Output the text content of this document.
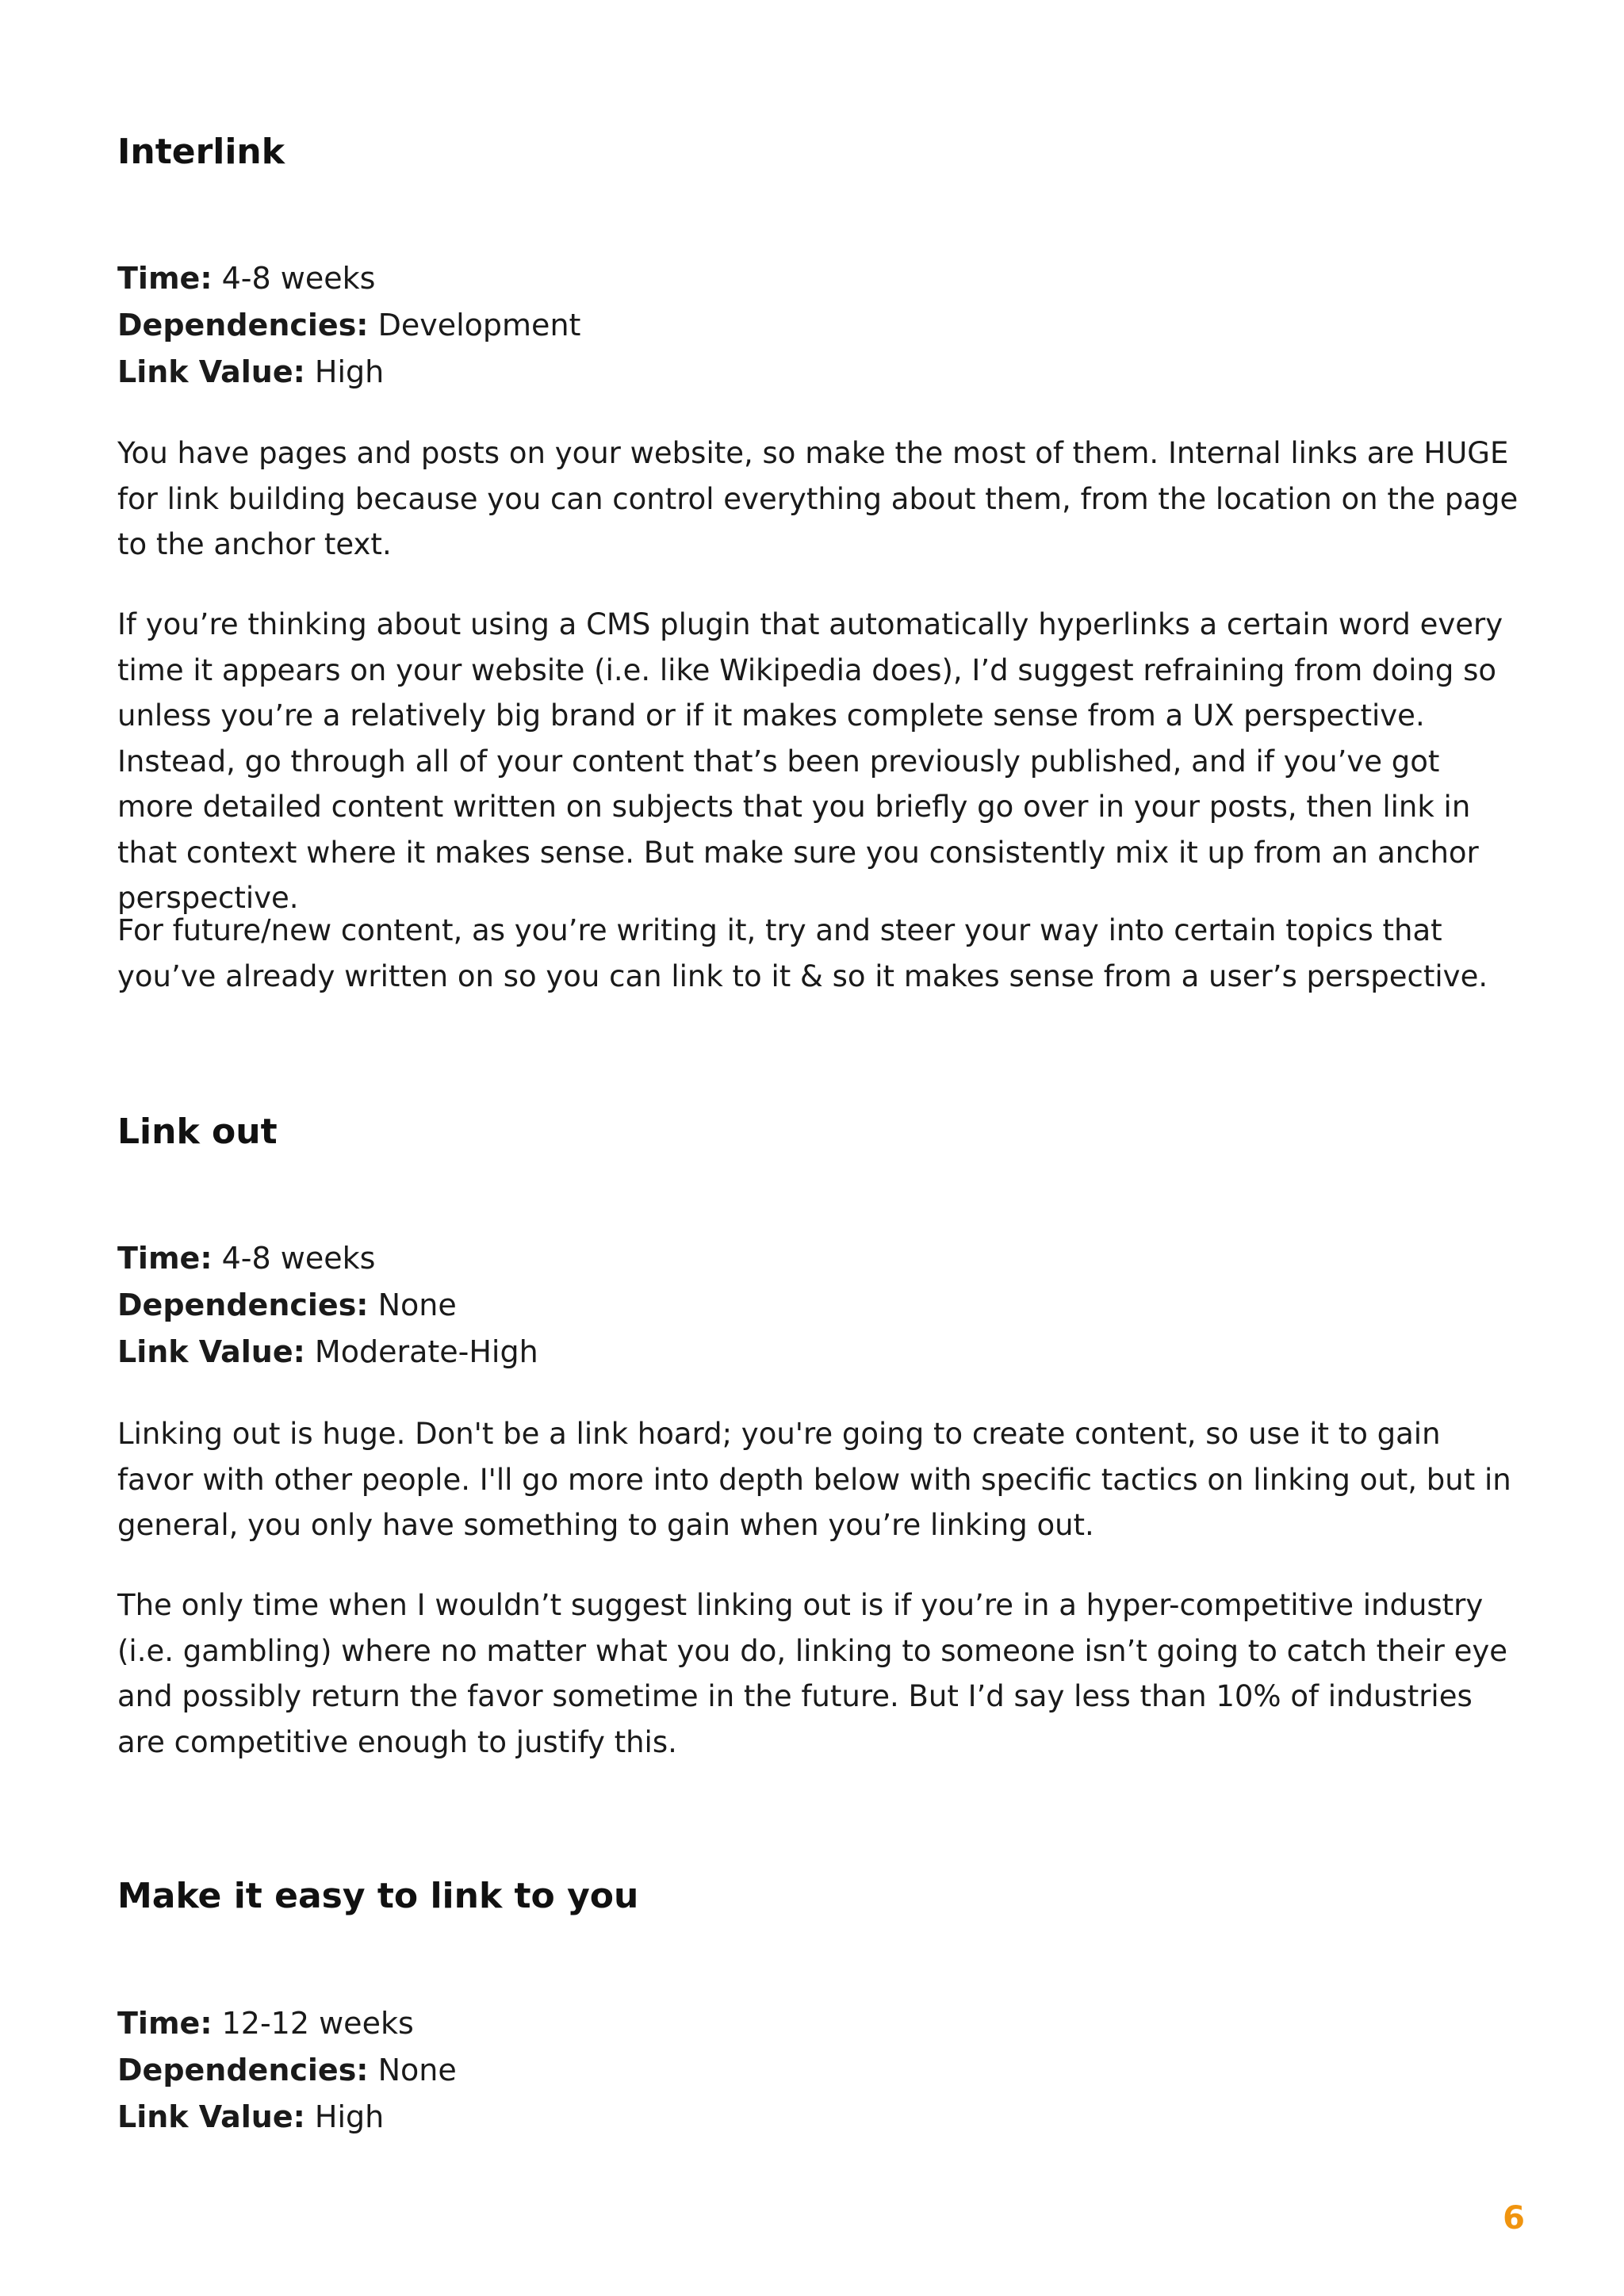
Interlink
Time: 4-8 weeks
Dependencies: Development
Link Value: High

You have pages and posts on your website, so make the most of them. Internal links are HUGE for link building because you can control everything about them, from the location on the page to the anchor text.

If you’re thinking about using a CMS plugin that automatically hyperlinks a certain word every time it appears on your website (i.e. like Wikipedia does), I’d suggest refraining from doing so unless you’re a relatively big brand or if it makes complete sense from a UX perspective. Instead, go through all of your content that’s been previously published, and if you’ve got more detailed content written on subjects that you briefly go over in your posts, then link in that context where it makes sense. But make sure you consistently mix it up from an anchor perspective.

For future/new content, as you’re writing it, try and steer your way into certain topics that you’ve already written on so you can link to it & so it makes sense from a user’s perspective.

Link out
Time: 4-8 weeks
Dependencies: None
Link Value: Moderate-High

Linking out is huge. Don't be a link hoard; you're going to create content, so use it to gain favor with other people. I'll go more into depth below with specific tactics on linking out, but in general, you only have something to gain when you’re linking out.

The only time when I wouldn’t suggest linking out is if you’re in a hyper-competitive industry (i.e. gambling) where no matter what you do, linking to someone isn’t going to catch their eye and possibly return the favor sometime in the future. But I’d say less than 10% of industries are competitive enough to justify this.

Make it easy to link to you
Time: 12-12 weeks
Dependencies: None
Link Value: High
6
